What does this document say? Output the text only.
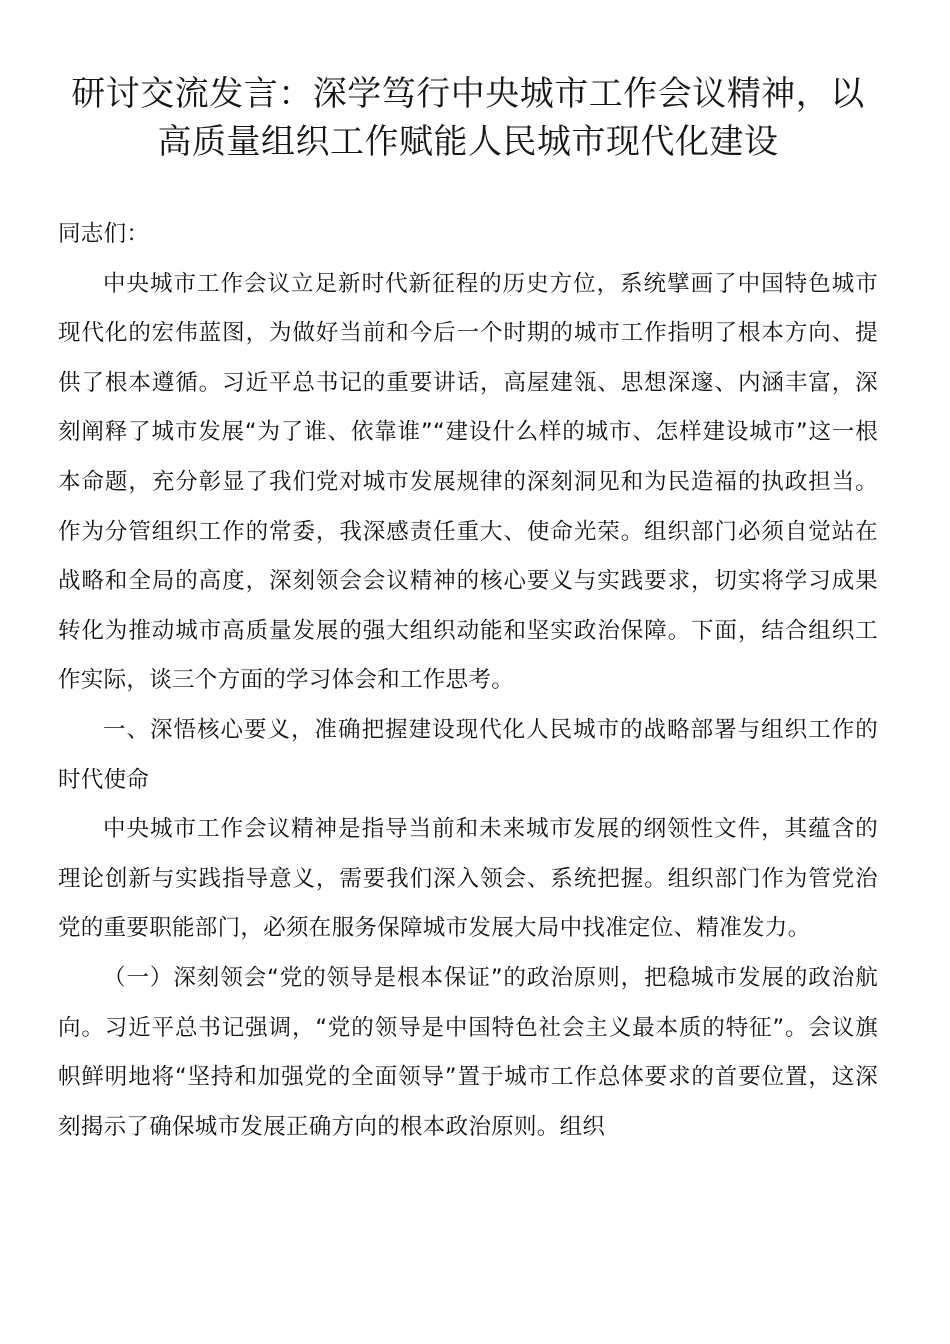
研讨交流发言：深学笃行中央城市工作会议精神，以
高质量组织工作赋能人民城市现代化建设

同志们：

中央城市工作会议立足新时代新征程的历史方位，系统擘画了中国特色城市现代化的宏伟蓝图，为做好当前和今后一个时期的城市工作指明了根本方向、提供了根本遵循。习近平总书记的重要讲话，高屋建瓴、思想深邃、内涵丰富，深刻阐释了城市发展“为了谁、依靠谁”“建设什么样的城市、怎样建设城市”这一根本命题，充分彰显了我们党对城市发展规律的深刻洞见和为民造福的执政担当。作为分管组织工作的常委，我深感责任重大、使命光荣。组织部门必须自觉站在战略和全局的高度，深刻领会会议精神的核心要义与实践要求，切实将学习成果转化为推动城市高质量发展的强大组织动能和坚实政治保障。下面，结合组织工作实际，谈三个方面的学习体会和工作思考。

一、深悟核心要义，准确把握建设现代化人民城市的战略部署与组织工作的时代使命

中央城市工作会议精神是指导当前和未来城市发展的纲领性文件，其蕴含的理论创新与实践指导意义，需要我们深入领会、系统把握。组织部门作为管党治党的重要职能部门，必须在服务保障城市发展大局中找准定位、精准发力。

（一）深刻领会“党的领导是根本保证”的政治原则，把稳城市发展的政治航向。习近平总书记强调，“党的领导是中国特色社会主义最本质的特征”。会议旗帜鲜明地将“坚持和加强党的全面领导”置于城市工作总体要求的首要位置，这深刻揭示了确保城市发展正确方向的根本政治原则。组织
